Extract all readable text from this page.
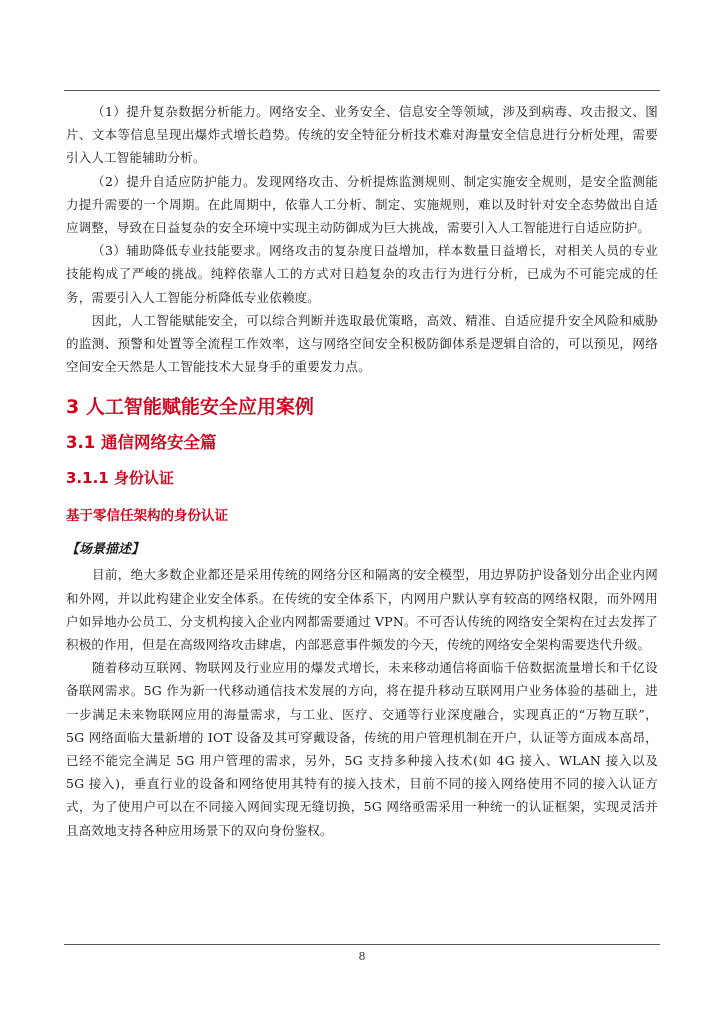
（1）提升复杂数据分析能力。网络安全、业务安全、信息安全等领域，涉及到病毒、攻击报文、图片、文本等信息呈现出爆炸式增长趋势。传统的安全特征分析技术难对海量安全信息进行分析处理，需要引入人工智能辅助分析。

（2）提升自适应防护能力。发现网络攻击、分析提炼监测规则、制定实施安全规则，是安全监测能力提升需要的一个周期。在此周期中，依靠人工分析、制定、实施规则，难以及时针对安全态势做出自适应调整，导致在日益复杂的安全环境中实现主动防御成为巨大挑战，需要引入人工智能进行自适应防护。

（3）辅助降低专业技能要求。网络攻击的复杂度日益增加，样本数量日益增长，对相关人员的专业技能构成了严峻的挑战。纯粹依靠人工的方式对日趋复杂的攻击行为进行分析，已成为不可能完成的任务，需要引入人工智能分析降低专业依赖度。

因此，人工智能赋能安全，可以综合判断并选取最优策略，高效、精准、自适应提升安全风险和威胁的监测、预警和处置等全流程工作效率，这与网络空间安全积极防御体系是逻辑自洽的，可以预见，网络空间安全天然是人工智能技术大显身手的重要发力点。

3 人工智能赋能安全应用案例
3.1 通信网络安全篇
3.1.1 身份认证
基于零信任架构的身份认证
【场景描述】

目前，绝大多数企业都还是采用传统的网络分区和隔离的安全模型，用边界防护设备划分出企业内网和外网，并以此构建企业安全体系。在传统的安全体系下，内网用户默认享有较高的网络权限，而外网用户如异地办公员工、分支机构接入企业内网都需要通过 VPN。不可否认传统的网络安全架构在过去发挥了积极的作用，但是在高级网络攻击肆虐，内部恶意事件频发的今天，传统的网络安全架构需要迭代升级。

随着移动互联网、物联网及行业应用的爆发式增长，未来移动通信将面临千倍数据流量增长和千亿设备联网需求。5G 作为新一代移动通信技术发展的方向，将在提升移动互联网用户业务体验的基础上，进一步满足未来物联网应用的海量需求，与工业、医疗、交通等行业深度融合，实现真正的“万物互联”， 5G 网络面临大量新增的 IOT 设备及其可穿戴设备，传统的用户管理机制在开户，认证等方面成本高昂，已经不能完全满足 5G 用户管理的需求，另外，5G 支持多种接入技术(如 4G 接入、WLAN 接入以及 5G 接入)，垂直行业的设备和网络使用其特有的接入技术，目前不同的接入网络使用不同的接入认证方式，为了使用户可以在不同接入网间实现无缝切换，5G 网络亟需采用一种统一的认证框架，实现灵活并且高效地支持各种应用场景下的双向身份鉴权。

8
